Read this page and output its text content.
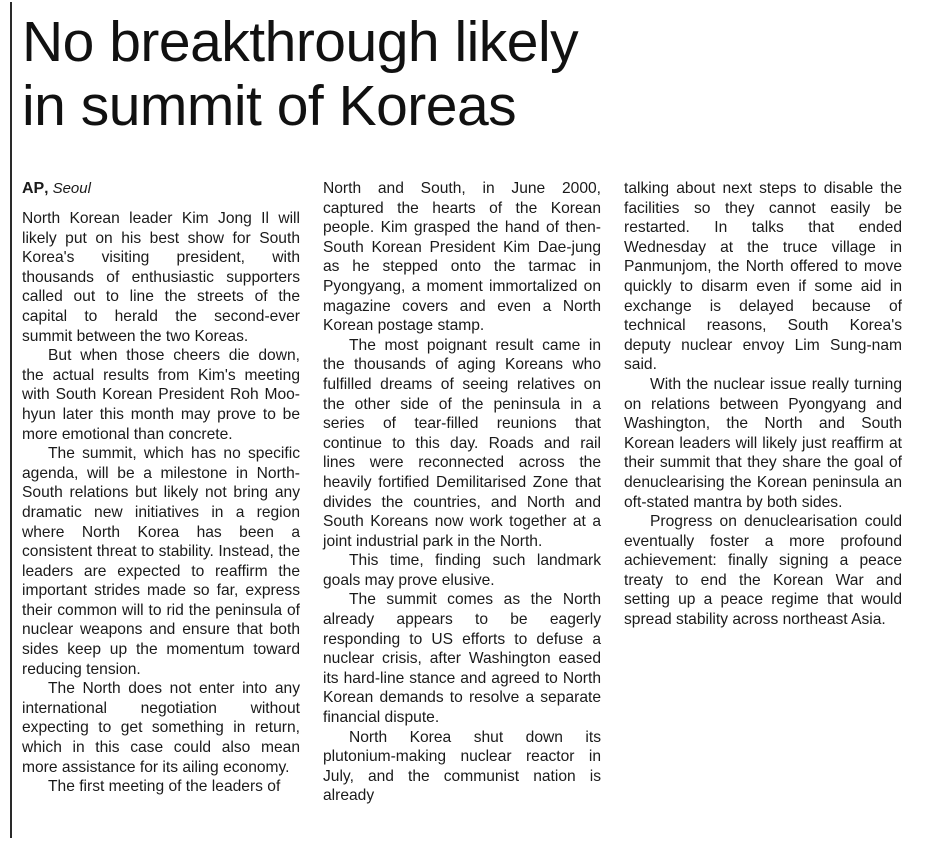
No breakthrough likely
in summit of Koreas
AP, Seoul

North Korean leader Kim Jong Il will likely put on his best show for South Korea's visiting president, with thousands of enthusiastic supporters called out to line the streets of the capital to herald the second-ever summit between the two Koreas.

But when those cheers die down, the actual results from Kim's meeting with South Korean President Roh Moo-hyun later this month may prove to be more emotional than concrete.

The summit, which has no specific agenda, will be a milestone in North-South relations but likely not bring any dramatic new initiatives in a region where North Korea has been a consistent threat to stability. Instead, the leaders are expected to reaffirm the important strides made so far, express their common will to rid the peninsula of nuclear weapons and ensure that both sides keep up the momentum toward reducing tension.

The North does not enter into any international negotiation without expecting to get something in return, which in this case could also mean more assistance for its ailing economy.

The first meeting of the leaders of

North and South, in June 2000, captured the hearts of the Korean people. Kim grasped the hand of then-South Korean President Kim Dae-jung as he stepped onto the tarmac in Pyongyang, a moment immortalized on magazine covers and even a North Korean postage stamp.

The most poignant result came in the thousands of aging Koreans who fulfilled dreams of seeing relatives on the other side of the peninsula in a series of tear-filled reunions that continue to this day. Roads and rail lines were reconnected across the heavily fortified Demilitarised Zone that divides the countries, and North and South Koreans now work together at a joint industrial park in the North.

This time, finding such landmark goals may prove elusive.

The summit comes as the North already appears to be eagerly responding to US efforts to defuse a nuclear crisis, after Washington eased its hard-line stance and agreed to North Korean demands to resolve a separate financial dispute.

North Korea shut down its plutonium-making nuclear reactor in July, and the communist nation is already

talking about next steps to disable the facilities so they cannot easily be restarted. In talks that ended Wednesday at the truce village in Panmunjom, the North offered to move quickly to disarm even if some aid in exchange is delayed because of technical reasons, South Korea's deputy nuclear envoy Lim Sung-nam said.

With the nuclear issue really turning on relations between Pyongyang and Washington, the North and South Korean leaders will likely just reaffirm at their summit that they share the goal of denuclearising the Korean peninsula an oft-stated mantra by both sides.

Progress on denuclearisation could eventually foster a more profound achievement: finally signing a peace treaty to end the Korean War and setting up a peace regime that would spread stability across northeast Asia.
